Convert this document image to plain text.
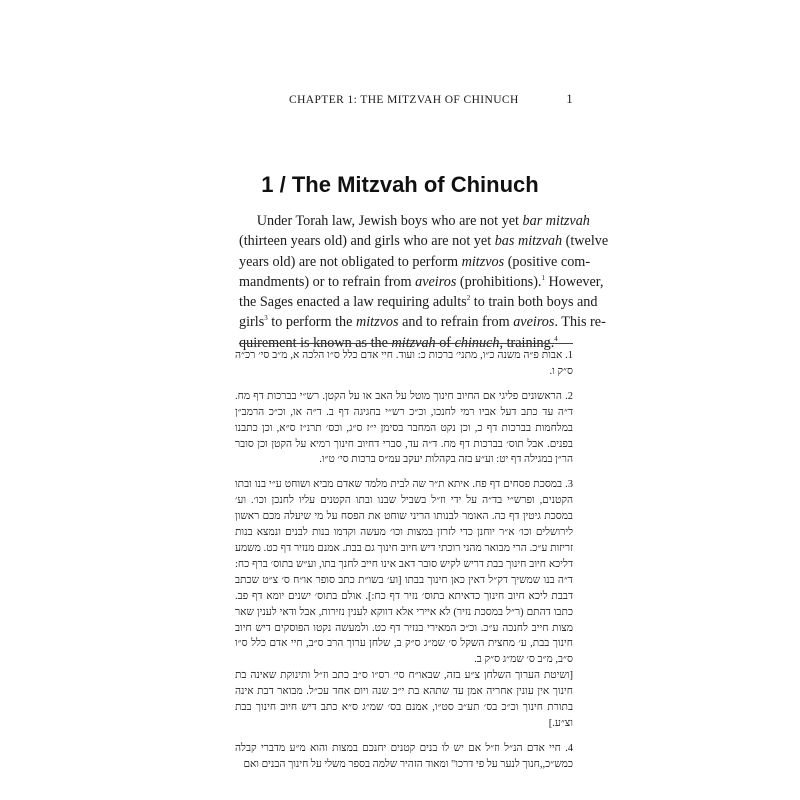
CHAPTER 1: THE MITZVAH OF CHINUCH	1
1 / The Mitzvah of Chinuch
Under Torah law, Jewish boys who are not yet bar mitzvah
(thirteen years old) and girls who are not yet bas mitzvah (twelve
years old) are not obligated to perform mitzvos (positive com-
mandments) or to refrain from aveiros (prohibitions).$^1$ However,
the Sages enacted a law requiring adults$^2$ to train both boys and
girls$^3$ to perform the mitzvos and to refrain from aveiros. This re-
quirement is known as the mitzvah of chinuch, training.$^4$

1. אבות פ״ה משנה כ״ו, מתני׳ ברכות כ: ועוד. חיי אדם כלל ס״ו הלכה א, מ״ב סי׳ רכ״ה ס״ק ו.

2. הראשונים פליגי אם החיוב חינוך מוטל על האב או על הקטן. רש״י בברכות דף מח. ד״ה עד כתב דעל אביו רמי לחנכו, וכ״כ רש״י בחגיגה דף ב. ד״ה או, וכ״כ הרמב״ן במלחמות בברכות דף כ, וכן נקט המחבר בסימן י״ז ס״ג, וכס׳ תרנ״ז ס״א, וכן כתבנו בפנים. אבל תוס׳ בברכות דף מח. ד״ה עד, סברי דחיוב חינוך רמיא על הקטן וכן סובר הר״ן במגילה דף יט: וע״ע בזה בקהלות יעקב עמ״ס ברכות סי׳ ט״ו.

3. במסכת פסחים דף פח. איתא ת״ר שה לבית מלמד שאדם מביא ושוחט ע״י בנו ובתו הקטנים, ופרש״י בד״ה על ידי וז״ל בשביל שבנו ובתו הקטנים עליו לחנכן וכו׳. וע׳ במסכת גיטין דף כה. האומר לבנותו הריני שוחט את הפסח על מי שיעלה מכם ראשון לירושלים וכו׳ א״ר יוחנן כדי לזרזן במצות וכו׳ מעשה וקדמו בנות לבנים ונמצא בנות זריזות ע״כ. הרי מבואר מהני רוכתי דיש חיוב חינוך גם בבת. אמנם מנזיר דף כט. משמע דליכא חיוב חינוך בבת דריש לקיש סובר דאב אינו חייב לחנך בתו, וע״ש בתוס׳ ברף כח: ד״ה בנו שמשיך דק״ל דאין כאן חינוך בבתו [וע׳ בשו״ת כתב סופר או״ח ס׳ צ״ט שכתב דבבת ליכא חיוב חינוך כדאיתא בתוס׳ נזיר דף כח:]. אולם בתוס׳ ישנים יומא דף פב. כתבו דהתם (ר״ל במסכת נזיר) לא איירי אלא דווקא לענין נזירות, אבל ודאי לענין שאר מצות חייב לחנכה ע״כ. וכ״כ המאירי בנזיר דף כט. ולמעשה נקטו הפוסקים דיש חיוב חינוך בבת, ע׳ מחצית השקל ס׳ שמ״ג ס״ק ב, שלחן ערוך הרב ס״ב, חיי אדם כלל ס״ו ס״ב, מ״ב ס׳ שמ״ג ס״ק ב.

[ושיטת הערוך השלחן צ״ע בזה, שבאו״ח סי׳ רס״ו ס״ב כתב וז״ל ותינוקת שאינה בת חינוך אין עונין אחריה אמן עד שתהא בת י״ב שנה ויום אחד עכ״ל. מבואר דבת אינה בתורת חינוך וכ״כ בס׳ תע״ב סט״ו, אמנם בס׳ שמ״ג ס״א כתב דיש חיוב חינוך בבת וצ״ע.]

4. חיי אדם הנ״ל וז״ל אם יש לו בנים קטנים יחנכם במצות והוא מ״ע מדברי קבלה כמש״כ,,חנוך לנער על פי דרכו" ומאוד הזהיר שלמה בספר משלי על חינוך הבנים ואם
